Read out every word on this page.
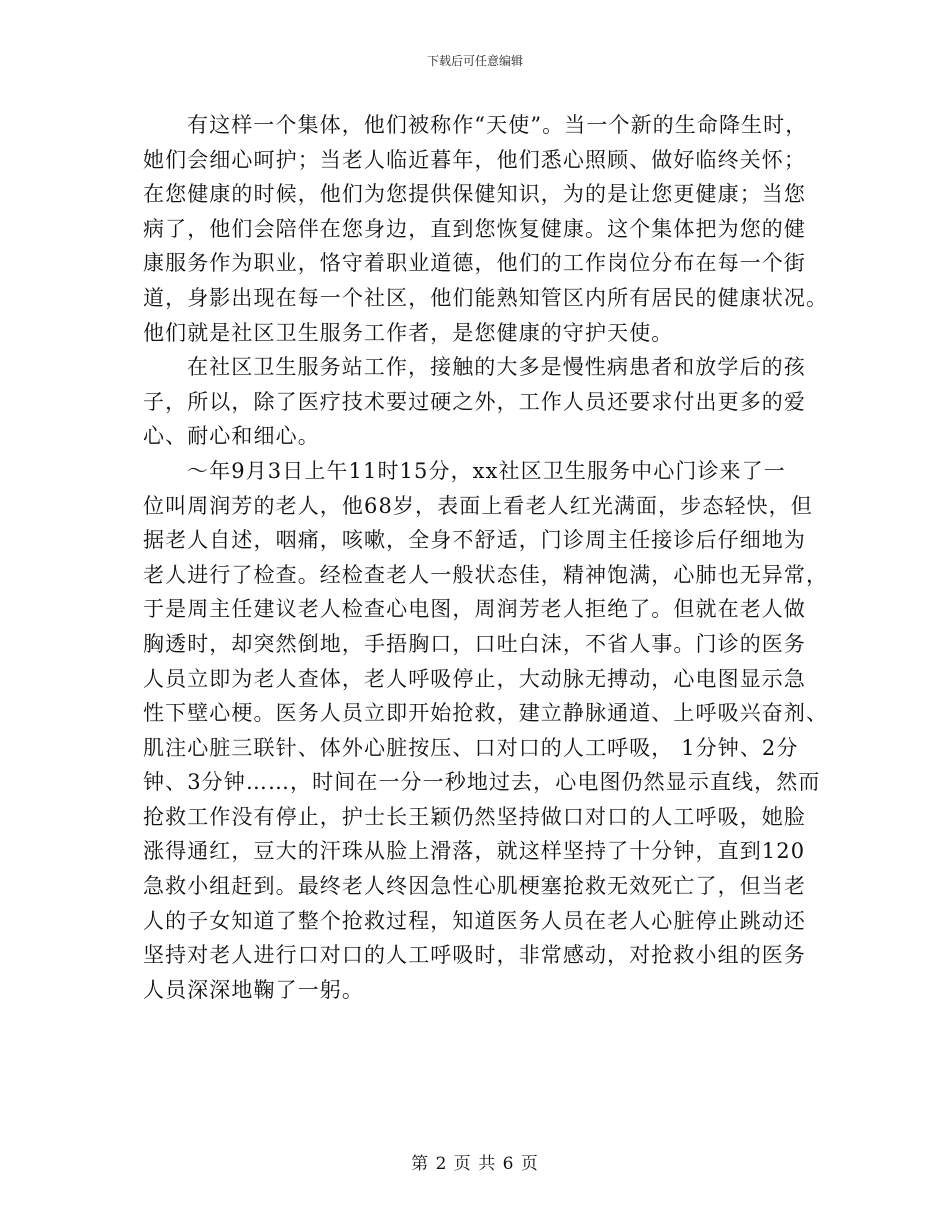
下载后可任意编辑

有这样一个集体，他们被称作“天使”。当一个新的生命降生时，
她们会细心呵护；当老人临近暮年，他们悉心照顾、做好临终关怀；
在您健康的时候，他们为您提供保健知识，为的是让您更健康；当您
病了，他们会陪伴在您身边，直到您恢复健康。这个集体把为您的健
康服务作为职业，恪守着职业道德，他们的工作岗位分布在每一个街
道，身影出现在每一个社区，他们能熟知管区内所有居民的健康状况。
他们就是社区卫生服务工作者，是您健康的守护天使。

在社区卫生服务站工作，接触的大多是慢性病患者和放学后的孩
子，所以，除了医疗技术要过硬之外，工作人员还要求付出更多的爱
心、耐心和细心。

～年9月3日上午11时15分，xx社区卫生服务中心门诊来了一
位叫周润芳的老人，他68岁，表面上看老人红光满面，步态轻快，但
据老人自述，咽痛，咳嗽，全身不舒适，门诊周主任接诊后仔细地为
老人进行了检查。经检查老人一般状态佳，精神饱满，心肺也无异常，
于是周主任建议老人检查心电图，周润芳老人拒绝了。但就在老人做
胸透时，却突然倒地，手捂胸口，口吐白沫，不省人事。门诊的医务
人员立即为老人查体，老人呼吸停止，大动脉无搏动，心电图显示急
性下壁心梗。医务人员立即开始抢救，建立静脉通道、上呼吸兴奋剂、
肌注心脏三联针、体外心脏按压、口对口的人工呼吸， 1分钟、2分
钟、3分钟……，时间在一分一秒地过去，心电图仍然显示直线，然而
抢救工作没有停止，护士长王颖仍然坚持做口对口的人工呼吸，她脸
涨得通红，豆大的汗珠从脸上滑落，就这样坚持了十分钟，直到120
急救小组赶到。最终老人终因急性心肌梗塞抢救无效死亡了，但当老
人的子女知道了整个抢救过程，知道医务人员在老人心脏停止跳动还
坚持对老人进行口对口的人工呼吸时，非常感动，对抢救小组的医务
人员深深地鞠了一躬。

第 2 页 共 6 页
